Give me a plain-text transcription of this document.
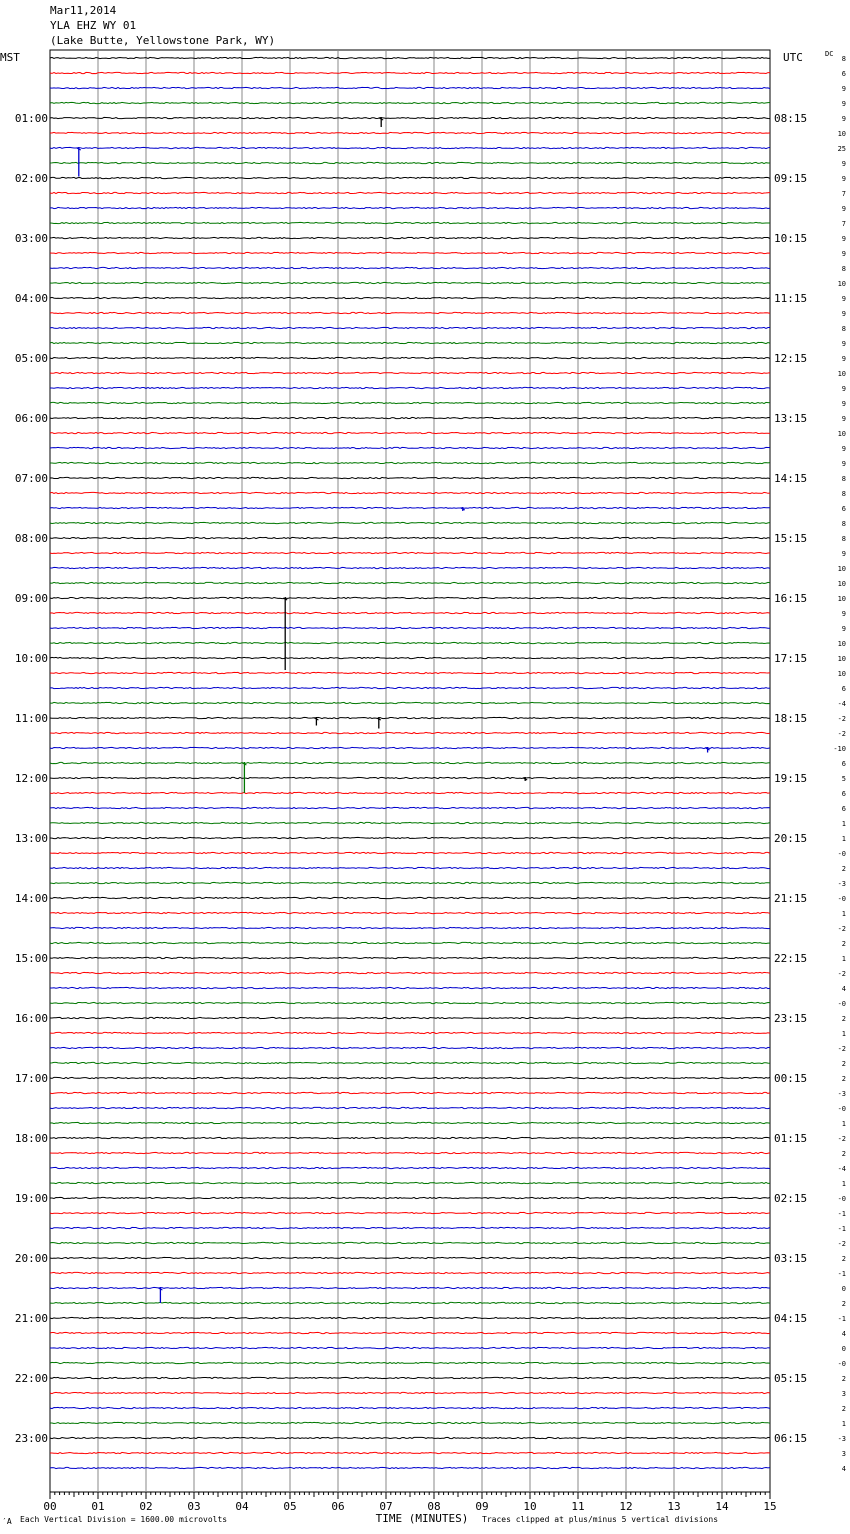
Mar11,2014
YLA EHZ WY 01
(Lake Butte, Yellowstone Park, WY)
MST	UTC
01:00
02:00
03:00
04:00
05:00
06:00
07:00
08:00
09:00
10:00
11:00
12:00
13:00
14:00
15:00
16:00
17:00
18:00
19:00
20:00
21:00
22:00
23:00
08:15
09:15
10:15
11:15
12:15
13:15
14:15
15:15
16:15
17:15
18:15
19:15
20:15
21:15
22:15
23:15
00:15
01:15
02:15
03:15
04:15
05:15
06:15
DC
8
6
9
9
9
10
25
9
9
7
9
7
9
9
8
10
9
9
8
9
9
10
9
9
9
10
9
9
8
8
6
8
8
9
10
10
10
9
9
10
10
10
6
-4
-2
-2
-10
6
5
6
6
1
1
-0
2
-3
-0
1
-2
2
1
-2
4
-0
2
1
-2
2
2
-3
-0
1
-2
2
-4
1
-0
-1
-1
-2
2
-1
0
2
-1
4
0
-0
2
3
2
1
-3
3
4
00	01	02	03	04	05	06	07	08	09	10	11	12	13	14	15
TIME (MINUTES)
′A Each Vertical Division = 1600.00 microvolts	Traces clipped at plus/minus 5 vertical divisions
